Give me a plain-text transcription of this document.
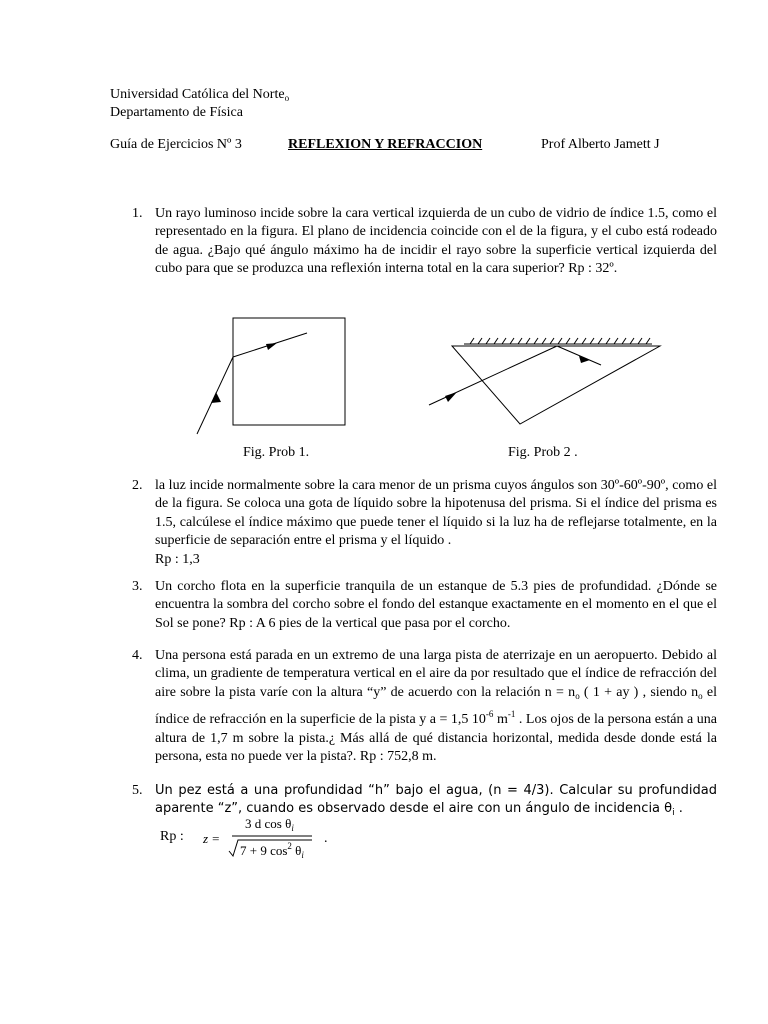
Universidad Católica del Norte$_o$
Departamento de Física
Guía de Ejercicios Nº 3	REFLEXION Y REFRACCION	Prof Alberto Jamett J
1. Un rayo luminoso incide sobre la cara vertical izquierda de un cubo de vidrio de índice 1.5, como el representado en la figura. El plano de incidencia coincide con el de la figura, y el cubo está rodeado de agua. ¿Bajo qué ángulo máximo ha de incidir el rayo sobre la superficie vertical izquierda del cubo para que se produzca una reflexión interna total en la cara superior? Rp : 32º.
Fig. Prob 1.	Fig. Prob 2 .
2. la luz incide normalmente sobre la cara menor de un prisma cuyos ángulos son 30º-60º-90º, como el de la figura. Se coloca una gota de líquido sobre la hipotenusa del prisma. Si el índice del prisma es 1.5, calcúlese el índice máximo que puede tener el líquido si la luz ha de reflejarse totalmente, en la superficie de separación entre el prisma y el líquido .
Rp : 1,3

3. Un corcho flota en la superficie tranquila de un estanque de 5.3 pies de profundidad. ¿Dónde se encuentra la sombra del corcho sobre el fondo del estanque exactamente en el momento en el que el Sol se pone? Rp : A 6 pies de la vertical que pasa por el corcho.
4. Una persona está parada en un extremo de una larga pista de aterrizaje en un aeropuerto. Debido al clima, un gradiente de temperatura vertical en el aire da por resultado que el índice de refracción del aire sobre la pista varíe con la altura “y” de acuerdo con la relación $n = n_o$ ( 1 + ay ) , siendo $n_o$ el índice de refracción en la superficie de la pista y a = 1,5 $10^{-6}$ $m^{-1}$ . Los ojos de la persona están a una altura de 1,7 m sobre la pista.¿ Más allá de qué distancia horizontal, medida desde donde está la persona, esta no puede ver la pista?. Rp : 752,8 m.

5. Un pez está a una profundidad “h” bajo el agua, (n = 4/3). Calcular su profundidad aparente “z”, cuando es observado desde el aire con un ángulo de incidencia $\theta_i$ .

Rp : z =
3 d $\cos \theta_i$
7 + 9 $\cos^2 \theta_i$
.
